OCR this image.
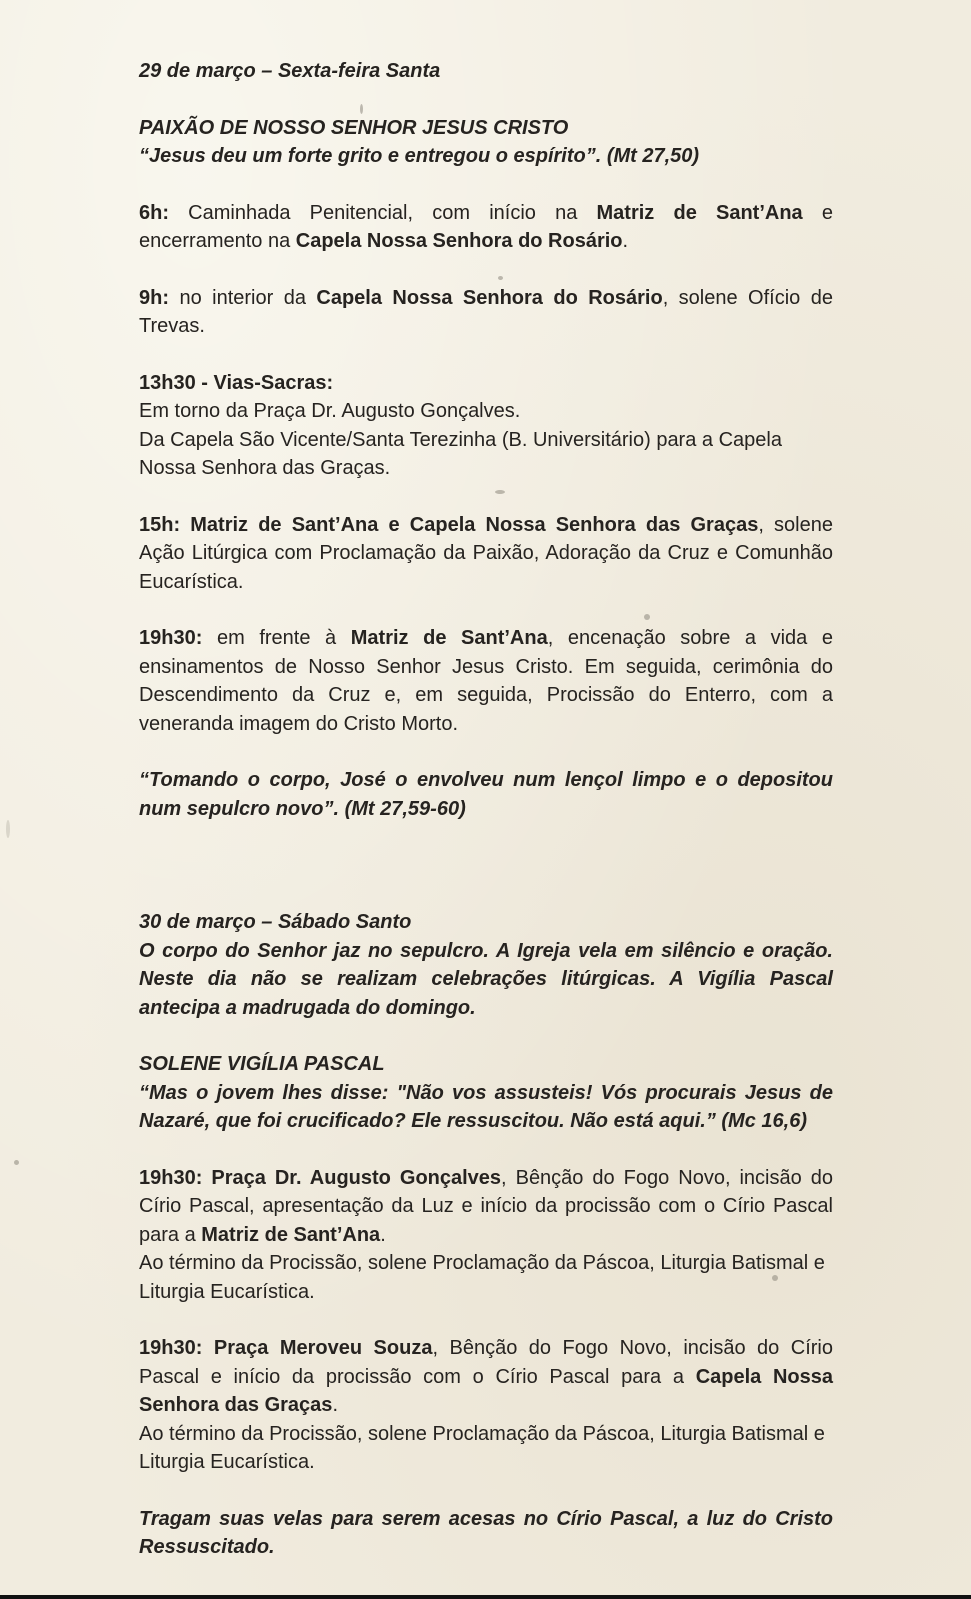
29 de março – Sexta-feira Santa

PAIXÃO DE NOSSO SENHOR JESUS CRISTO

“Jesus deu um forte grito e entregou o espírito”. (Mt 27,50)

6h: Caminhada Penitencial, com início na Matriz de Sant’Ana e encerramento na Capela Nossa Senhora do Rosário.

9h: no interior da Capela Nossa Senhora do Rosário, solene Ofício de Trevas.

13h30 - Vias-Sacras:

Em torno da Praça Dr. Augusto Gonçalves.

Da Capela São Vicente/Santa Terezinha (B. Universitário) para a Capela Nossa Senhora das Graças.

15h: Matriz de Sant’Ana e Capela Nossa Senhora das Graças, solene Ação Litúrgica com Proclamação da Paixão, Adoração da Cruz e Comunhão Eucarística.

19h30: em frente à Matriz de Sant’Ana, encenação sobre a vida e ensinamentos de Nosso Senhor Jesus Cristo. Em seguida, cerimônia do Descendimento da Cruz e, em seguida, Procissão do Enterro, com a veneranda imagem do Cristo Morto.

“Tomando o corpo, José o envolveu num lençol limpo e o depositou num sepulcro novo”. (Mt 27,59-60)

30 de março – Sábado Santo

O corpo do Senhor jaz no sepulcro. A Igreja vela em silêncio e oração. Neste dia não se realizam celebrações litúrgicas. A Vigília Pascal antecipa a madrugada do domingo.

SOLENE VIGÍLIA PASCAL

“Mas o jovem lhes disse: "Não vos assusteis! Vós procurais Jesus de Nazaré, que foi crucificado? Ele ressuscitou. Não está aqui.” (Mc 16,6)

19h30: Praça Dr. Augusto Gonçalves, Bênção do Fogo Novo, incisão do Círio Pascal, apresentação da Luz e início da procissão com o Círio Pascal para a Matriz de Sant’Ana.

Ao término da Procissão, solene Proclamação da Páscoa, Liturgia Batismal e Liturgia Eucarística.

19h30: Praça Meroveu Souza, Bênção do Fogo Novo, incisão do Círio Pascal e início da procissão com o Círio Pascal para a Capela Nossa Senhora das Graças.

Ao término da Procissão, solene Proclamação da Páscoa, Liturgia Batismal e Liturgia Eucarística.

Tragam suas velas para serem acesas no Círio Pascal, a luz do Cristo Ressuscitado.
